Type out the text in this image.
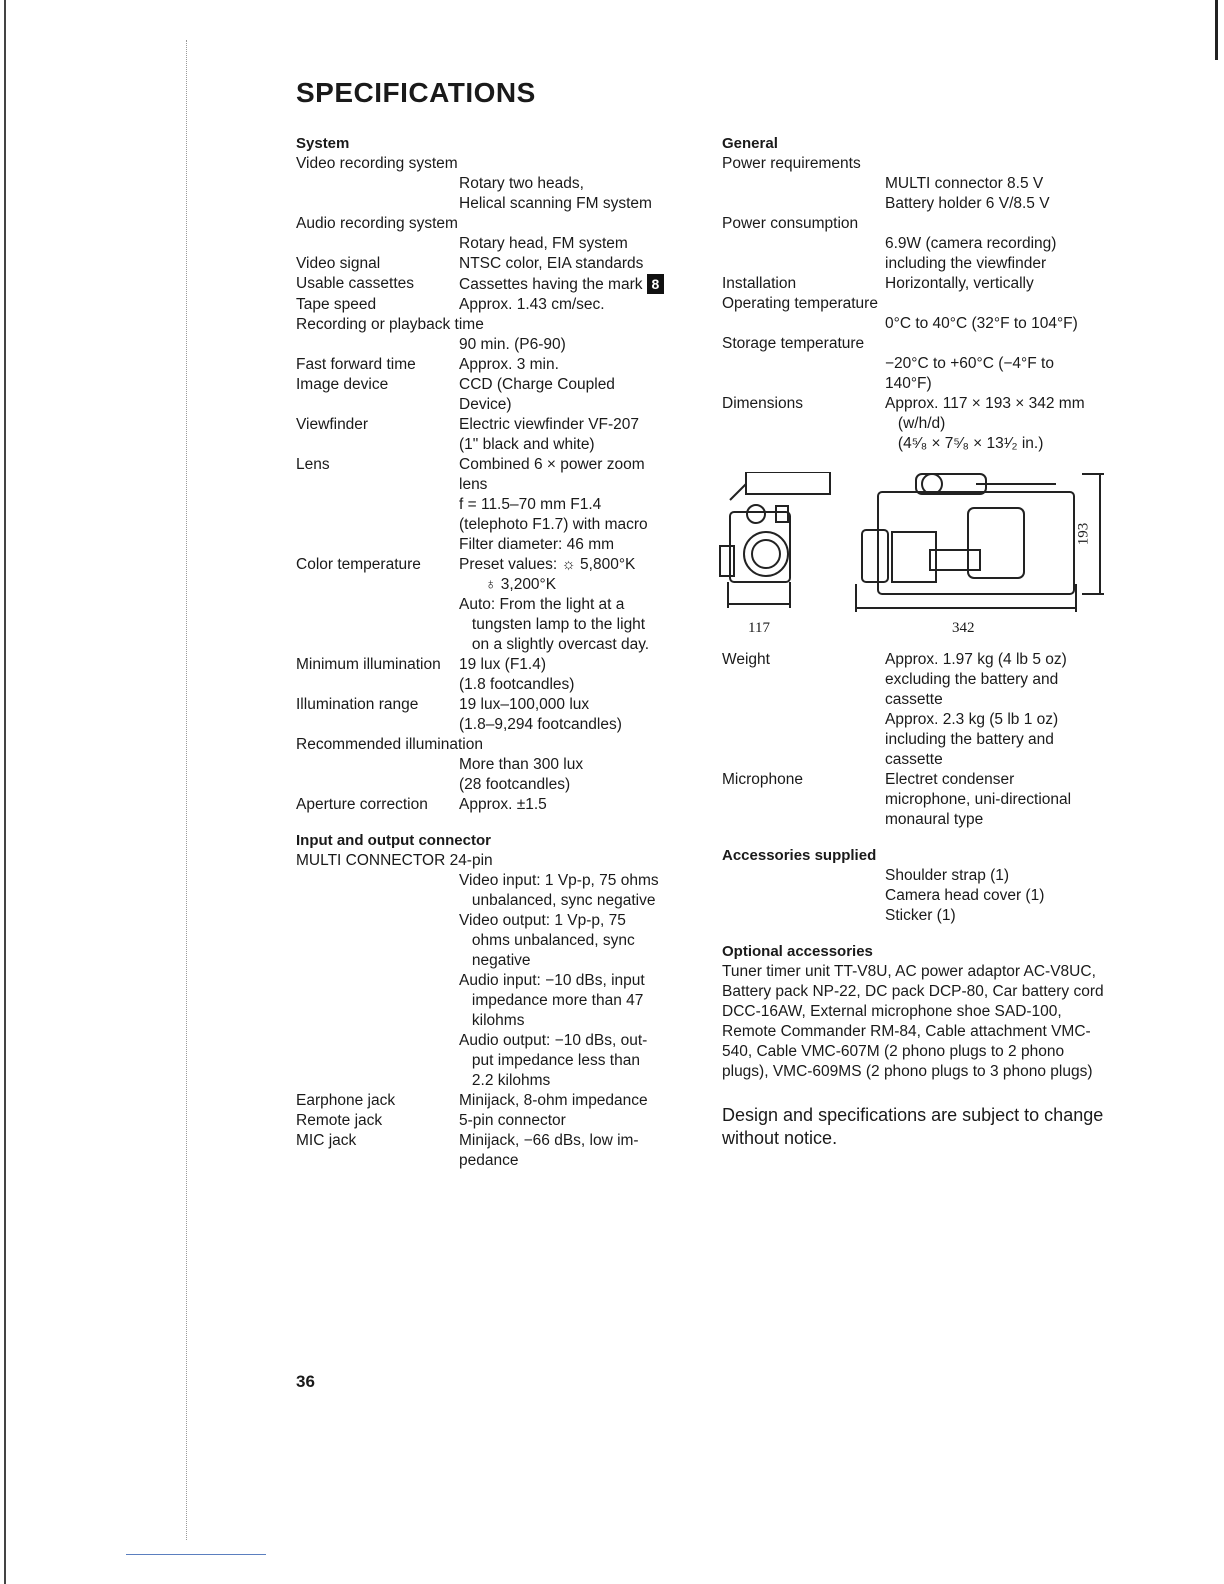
SPECIFICATIONS
System
Video recording system
Rotary two heads,
Helical scanning FM system
Audio recording system
Rotary head, FM system
Video signal	NTSC color, EIA standards
Usable cassettes	Cassettes having the mark 8
Tape speed	Approx. 1.43 cm/sec.
Recording or playback time
90 min. (P6-90)
Fast forward time	Approx. 3 min.
Image device	CCD (Charge Coupled
Device)
Viewfinder	Electric viewfinder VF-207
(1" black and white)
Lens	Combined 6 × power zoom
lens
f = 11.5–70 mm F1.4
(telephoto F1.7) with macro
Filter diameter: 46 mm
Color temperature Preset values: ☼ 5,800°K
♁ 3,200°K
Auto: From the light at a
tungsten lamp to the light
on a slightly overcast day.
Minimum illumination 19 lux (F1.4)
(1.8 footcandles)
Illumination range	19 lux–100,000 lux
(1.8–9,294 footcandles)
Recommended illumination
More than 300 lux
(28 footcandles)
Aperture correction Approx. ±1.5
Input and output connector
MULTI CONNECTOR 24-pin
Video input: 1 Vp-p, 75 ohms
unbalanced, sync negative
Video output: 1 Vp-p, 75
ohms unbalanced, sync
negative
Audio input: −10 dBs, input
impedance more than 47
kilohms
Audio output: −10 dBs, out-
put impedance less than
2.2 kilohms
Earphone jack	Minijack, 8-ohm impedance
Remote jack	5-pin connector
MIC jack	Minijack, −66 dBs, low im-
pedance
General
Power requirements
MULTI connector 8.5 V
Battery holder 6 V/8.5 V
Power consumption
6.9W (camera recording)
including the viewfinder
Installation	Horizontally, vertically
Operating temperature
0°C to 40°C (32°F to 104°F)
Storage temperature
−20°C to +60°C (−4°F to
140°F)
Dimensions	Approx. 117 × 193 × 342 mm
(w/h/d)
(4⁵⁄₈ × 7⁵⁄₈ × 13¹⁄₂ in.)
117	342
193
Weight	Approx. 1.97 kg (4 lb 5 oz)
excluding the battery and
cassette
Approx. 2.3 kg (5 lb 1 oz)
including the battery and
cassette
Microphone	Electret condenser
microphone, uni-directional
monaural type
Accessories supplied
Shoulder strap (1)
Camera head cover (1)
Sticker (1)
Optional accessories
Tuner timer unit TT-V8U, AC power adaptor AC-V8UC, Battery pack NP-22, DC pack DCP-80, Car battery cord DCC-16AW, External microphone shoe SAD-100, Remote Commander RM-84, Cable attachment VMC-540, Cable VMC-607M (2 phono plugs to 2 phono plugs), VMC-609MS (2 phono plugs to 3 phono plugs)
Design and specifications are subject to change without notice.
36
